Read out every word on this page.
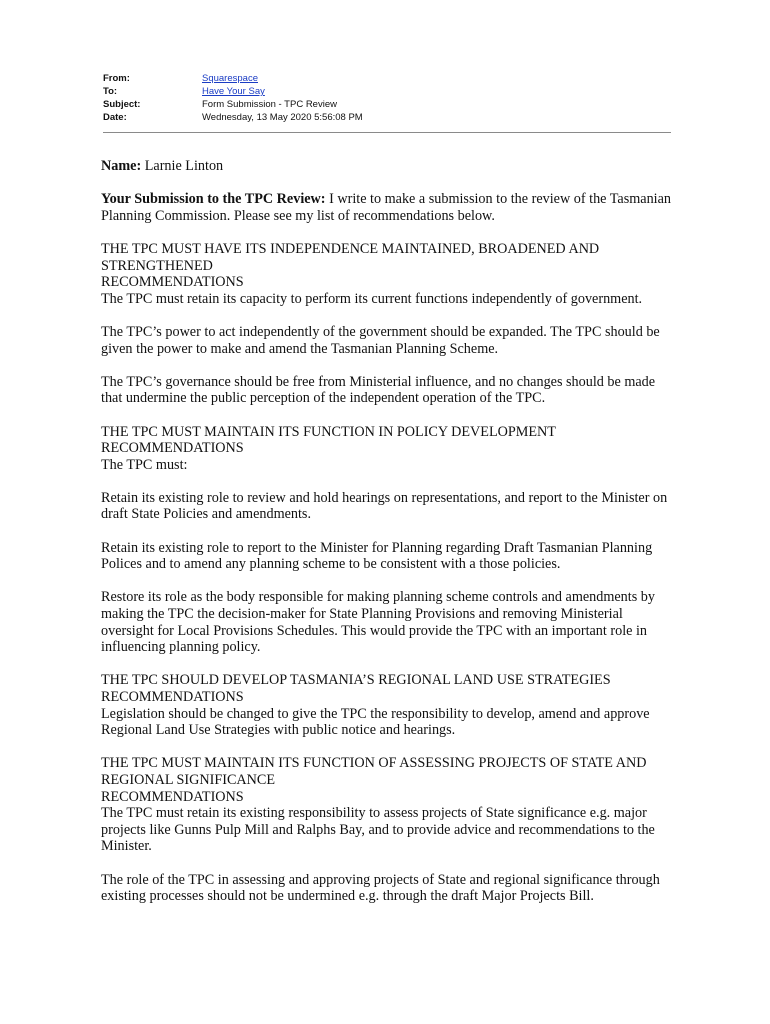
From:	Squarespace
To:	Have Your Say
Subject:	Form Submission - TPC Review
Date:	Wednesday, 13 May 2020 5:56:08 PM

Name: Larnie Linton

Your Submission to the TPC Review: I write to make a submission to the review of the Tasmanian Planning Commission. Please see my list of recommendations below.

THE TPC MUST HAVE ITS INDEPENDENCE MAINTAINED, BROADENED AND STRENGTHENED
RECOMMENDATIONS
The TPC must retain its capacity to perform its current functions independently of government.

The TPC’s power to act independently of the government should be expanded. The TPC should be given the power to make and amend the Tasmanian Planning Scheme.

The TPC’s governance should be free from Ministerial influence, and no changes should be made that undermine the public perception of the independent operation of the TPC.

THE TPC MUST MAINTAIN ITS FUNCTION IN POLICY DEVELOPMENT
RECOMMENDATIONS
The TPC must:

Retain its existing role to review and hold hearings on representations, and report to the Minister on draft State Policies and amendments.

Retain its existing role to report to the Minister for Planning regarding Draft Tasmanian Planning Polices and to amend any planning scheme to be consistent with a those policies.

Restore its role as the body responsible for making planning scheme controls and amendments by making the TPC the decision-maker for State Planning Provisions and removing Ministerial oversight for Local Provisions Schedules. This would provide the TPC with an important role in influencing planning policy.

THE TPC SHOULD DEVELOP TASMANIA’S REGIONAL LAND USE STRATEGIES
RECOMMENDATIONS
Legislation should be changed to give the TPC the responsibility to develop, amend and approve Regional Land Use Strategies with public notice and hearings.

THE TPC MUST MAINTAIN ITS FUNCTION OF ASSESSING PROJECTS OF STATE AND REGIONAL SIGNIFICANCE
RECOMMENDATIONS
The TPC must retain its existing responsibility to assess projects of State significance e.g. major projects like Gunns Pulp Mill and Ralphs Bay, and to provide advice and recommendations to the Minister.

The role of the TPC in assessing and approving projects of State and regional significance through existing processes should not be undermined e.g. through the draft Major Projects Bill.
